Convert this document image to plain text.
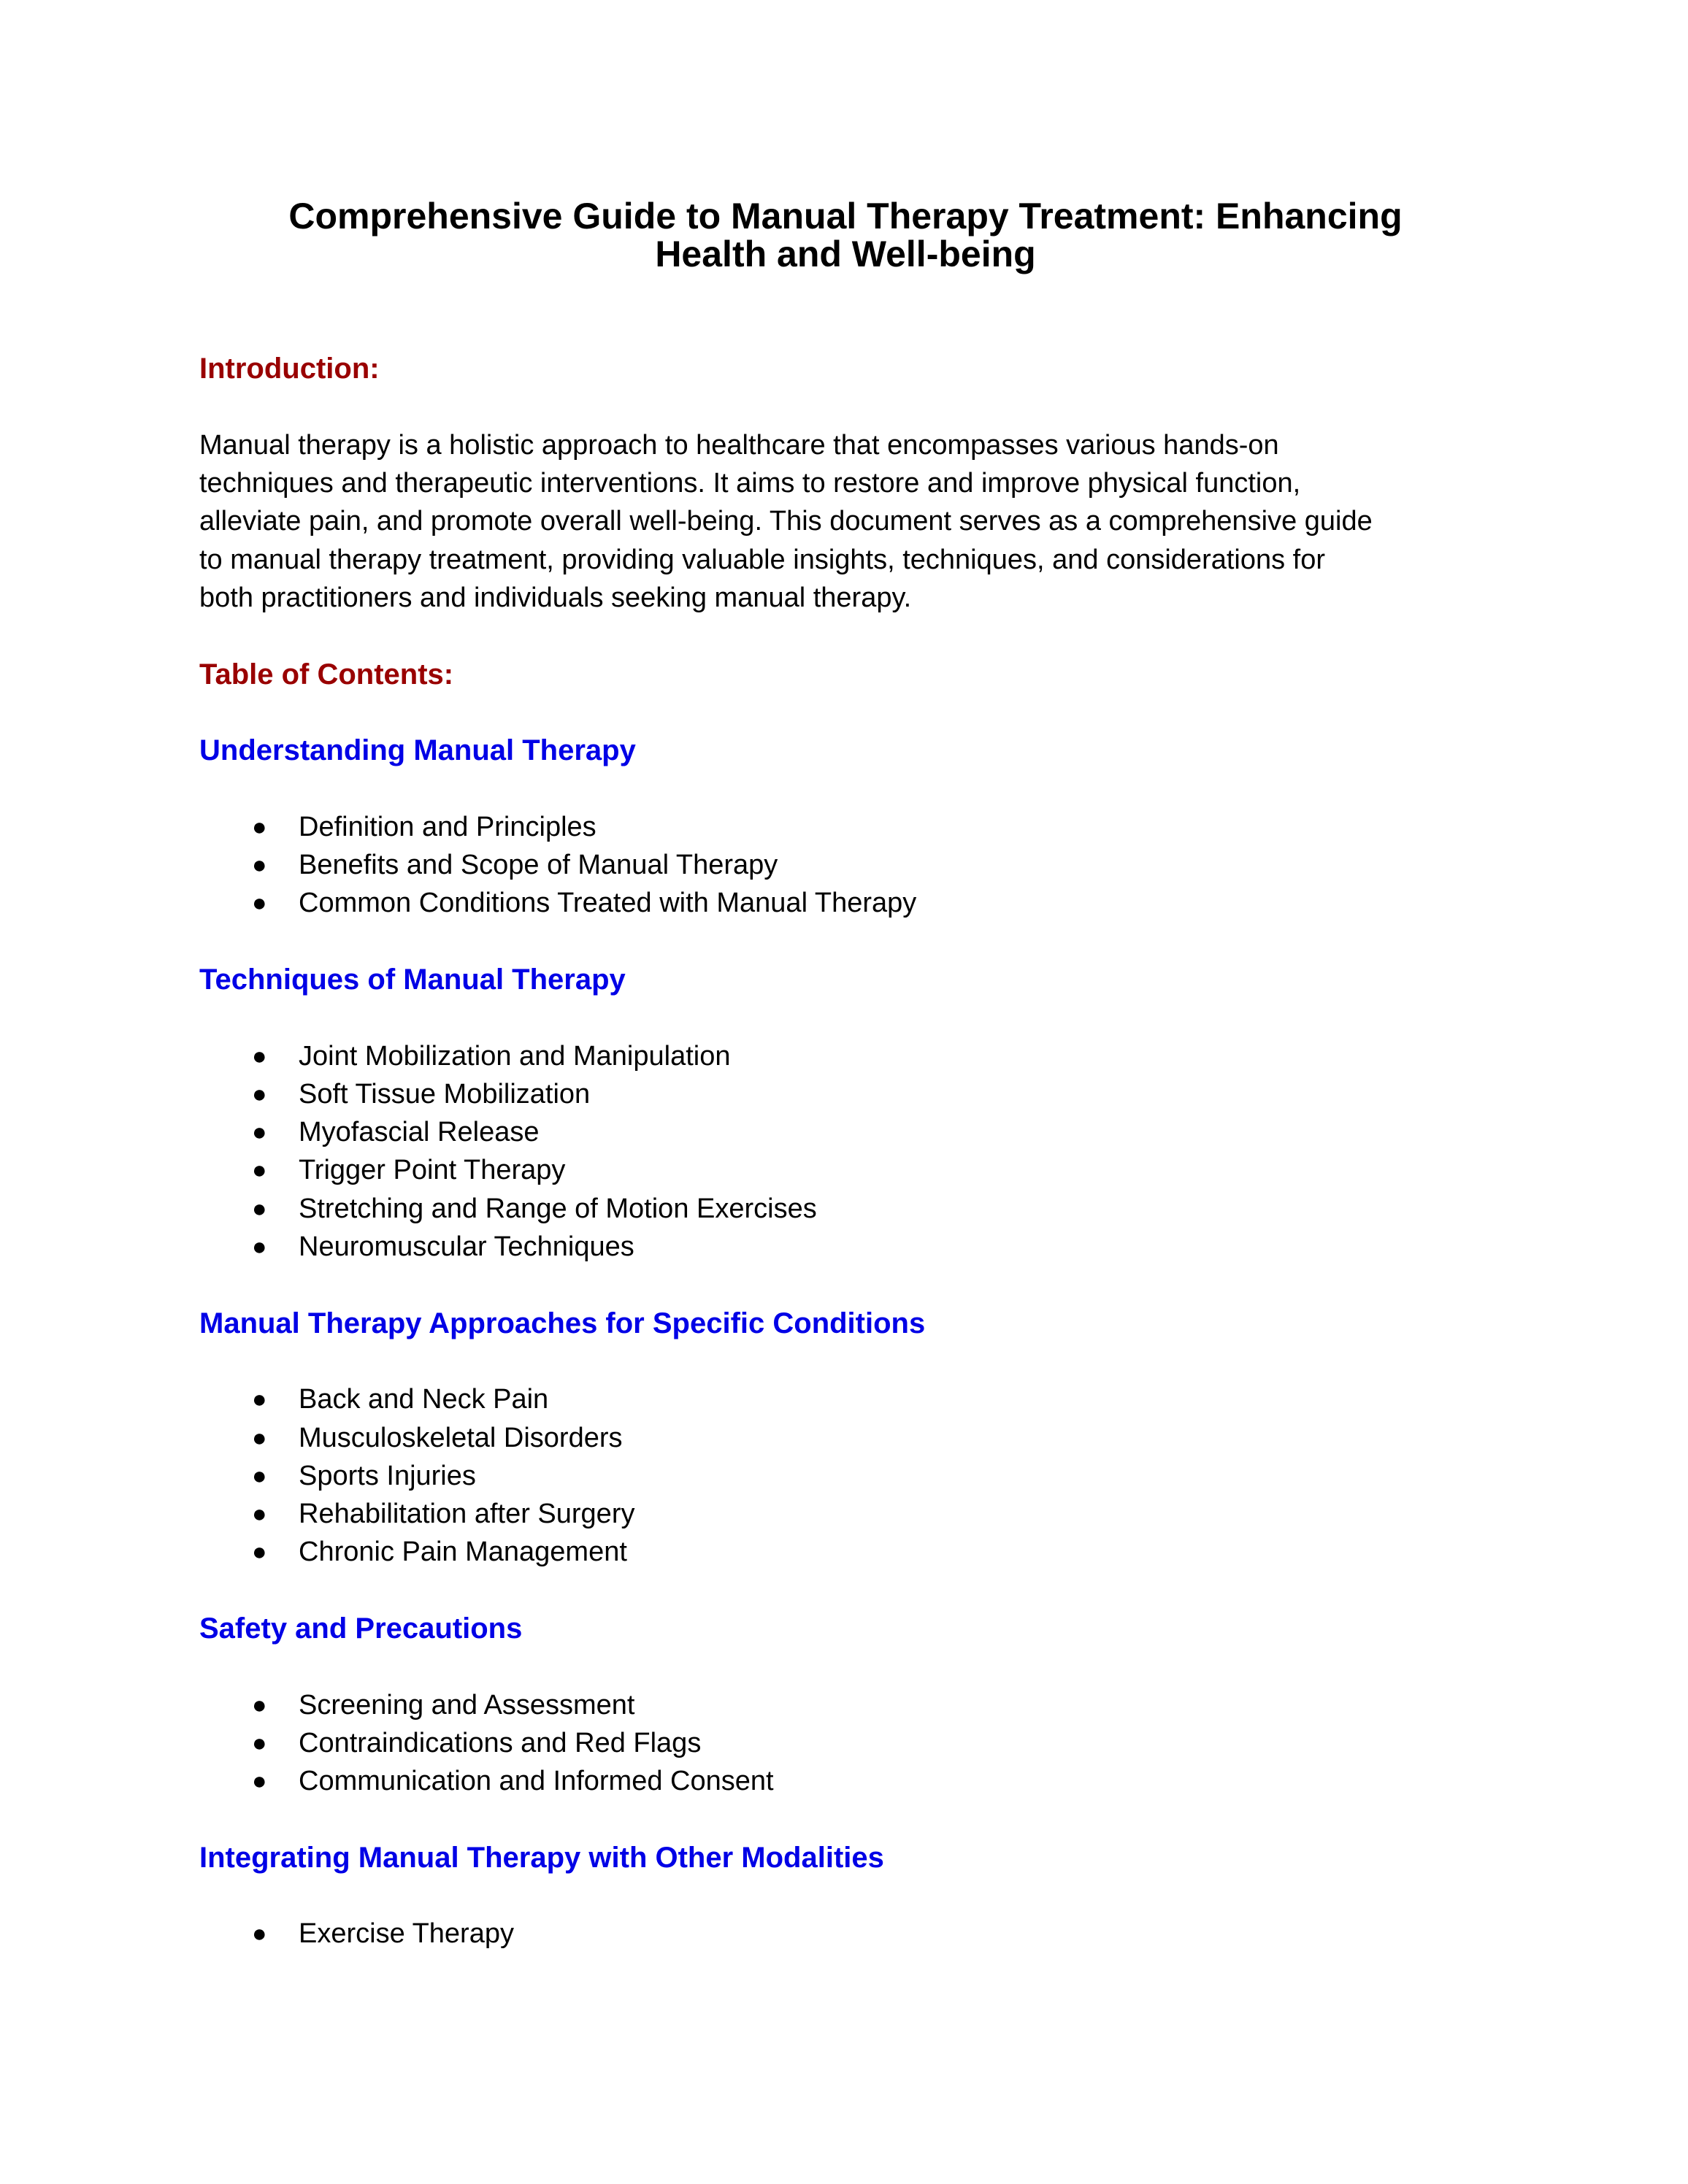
Comprehensive Guide to Manual Therapy Treatment: Enhancing
Health and Well-being
Introduction:
Manual therapy is a holistic approach to healthcare that encompasses various hands-on
techniques and therapeutic interventions. It aims to restore and improve physical function,
alleviate pain, and promote overall well-being. This document serves as a comprehensive guide
to manual therapy treatment, providing valuable insights, techniques, and considerations for
both practitioners and individuals seeking manual therapy.
Table of Contents:
Understanding Manual Therapy
● Definition and Principles
● Benefits and Scope of Manual Therapy
● Common Conditions Treated with Manual Therapy
Techniques of Manual Therapy
● Joint Mobilization and Manipulation
● Soft Tissue Mobilization
● Myofascial Release
● Trigger Point Therapy
● Stretching and Range of Motion Exercises
● Neuromuscular Techniques
Manual Therapy Approaches for Specific Conditions
● Back and Neck Pain
● Musculoskeletal Disorders
● Sports Injuries
● Rehabilitation after Surgery
● Chronic Pain Management
Safety and Precautions
● Screening and Assessment
● Contraindications and Red Flags
● Communication and Informed Consent
Integrating Manual Therapy with Other Modalities
● Exercise Therapy
